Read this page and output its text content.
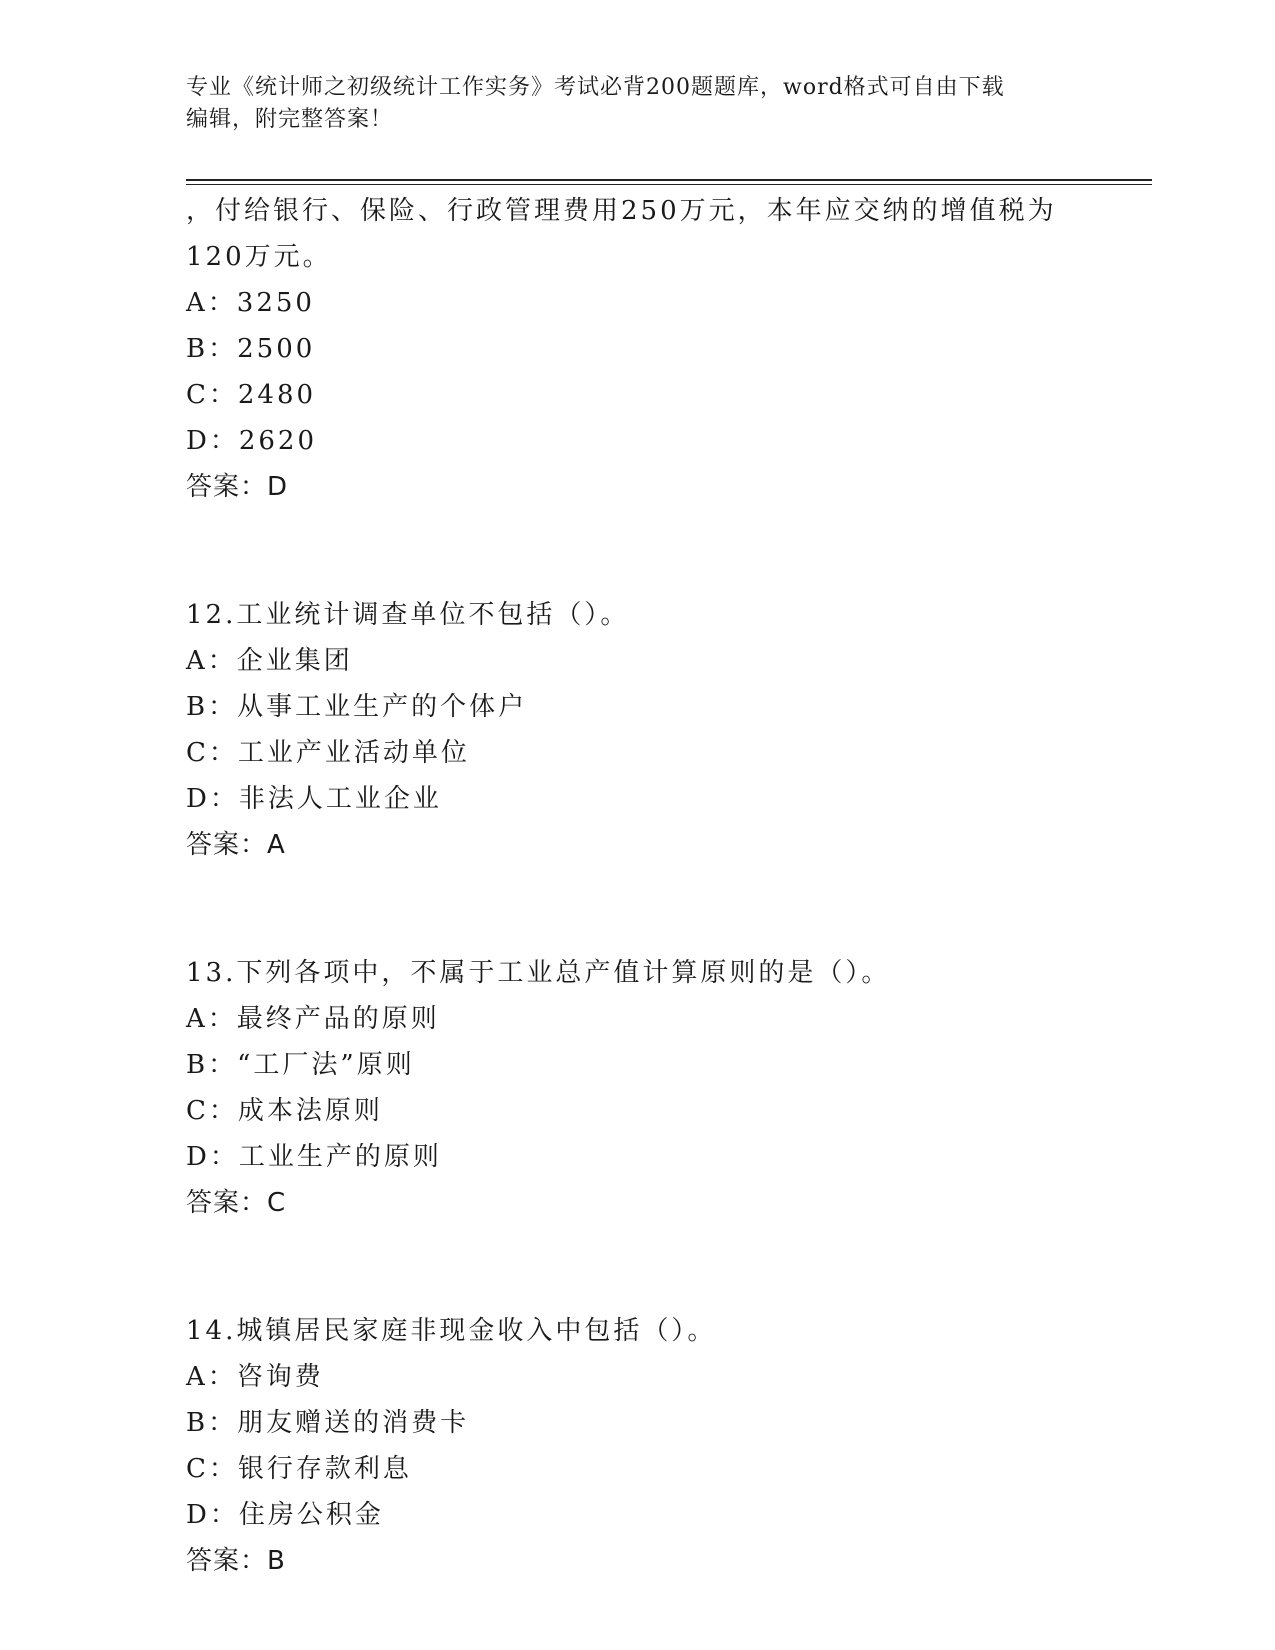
专业《统计师之初级统计工作实务》考试必背200题题库，word格式可自由下载
编辑，附完整答案！
，付给银行、保险、行政管理费用250万元，本年应交纳的增值税为
120万元。
A：3250
B：2500
C：2480
D：2620
答案：D
12.工业统计调查单位不包括（）。
A：企业集团
B：从事工业生产的个体户
C：工业产业活动单位
D：非法人工业企业
答案：A
13.下列各项中，不属于工业总产值计算原则的是（）。
A：最终产品的原则
B：“工厂法”原则
C：成本法原则
D：工业生产的原则
答案：C
14.城镇居民家庭非现金收入中包括（）。
A：咨询费
B：朋友赠送的消费卡
C：银行存款利息
D：住房公积金
答案：B
